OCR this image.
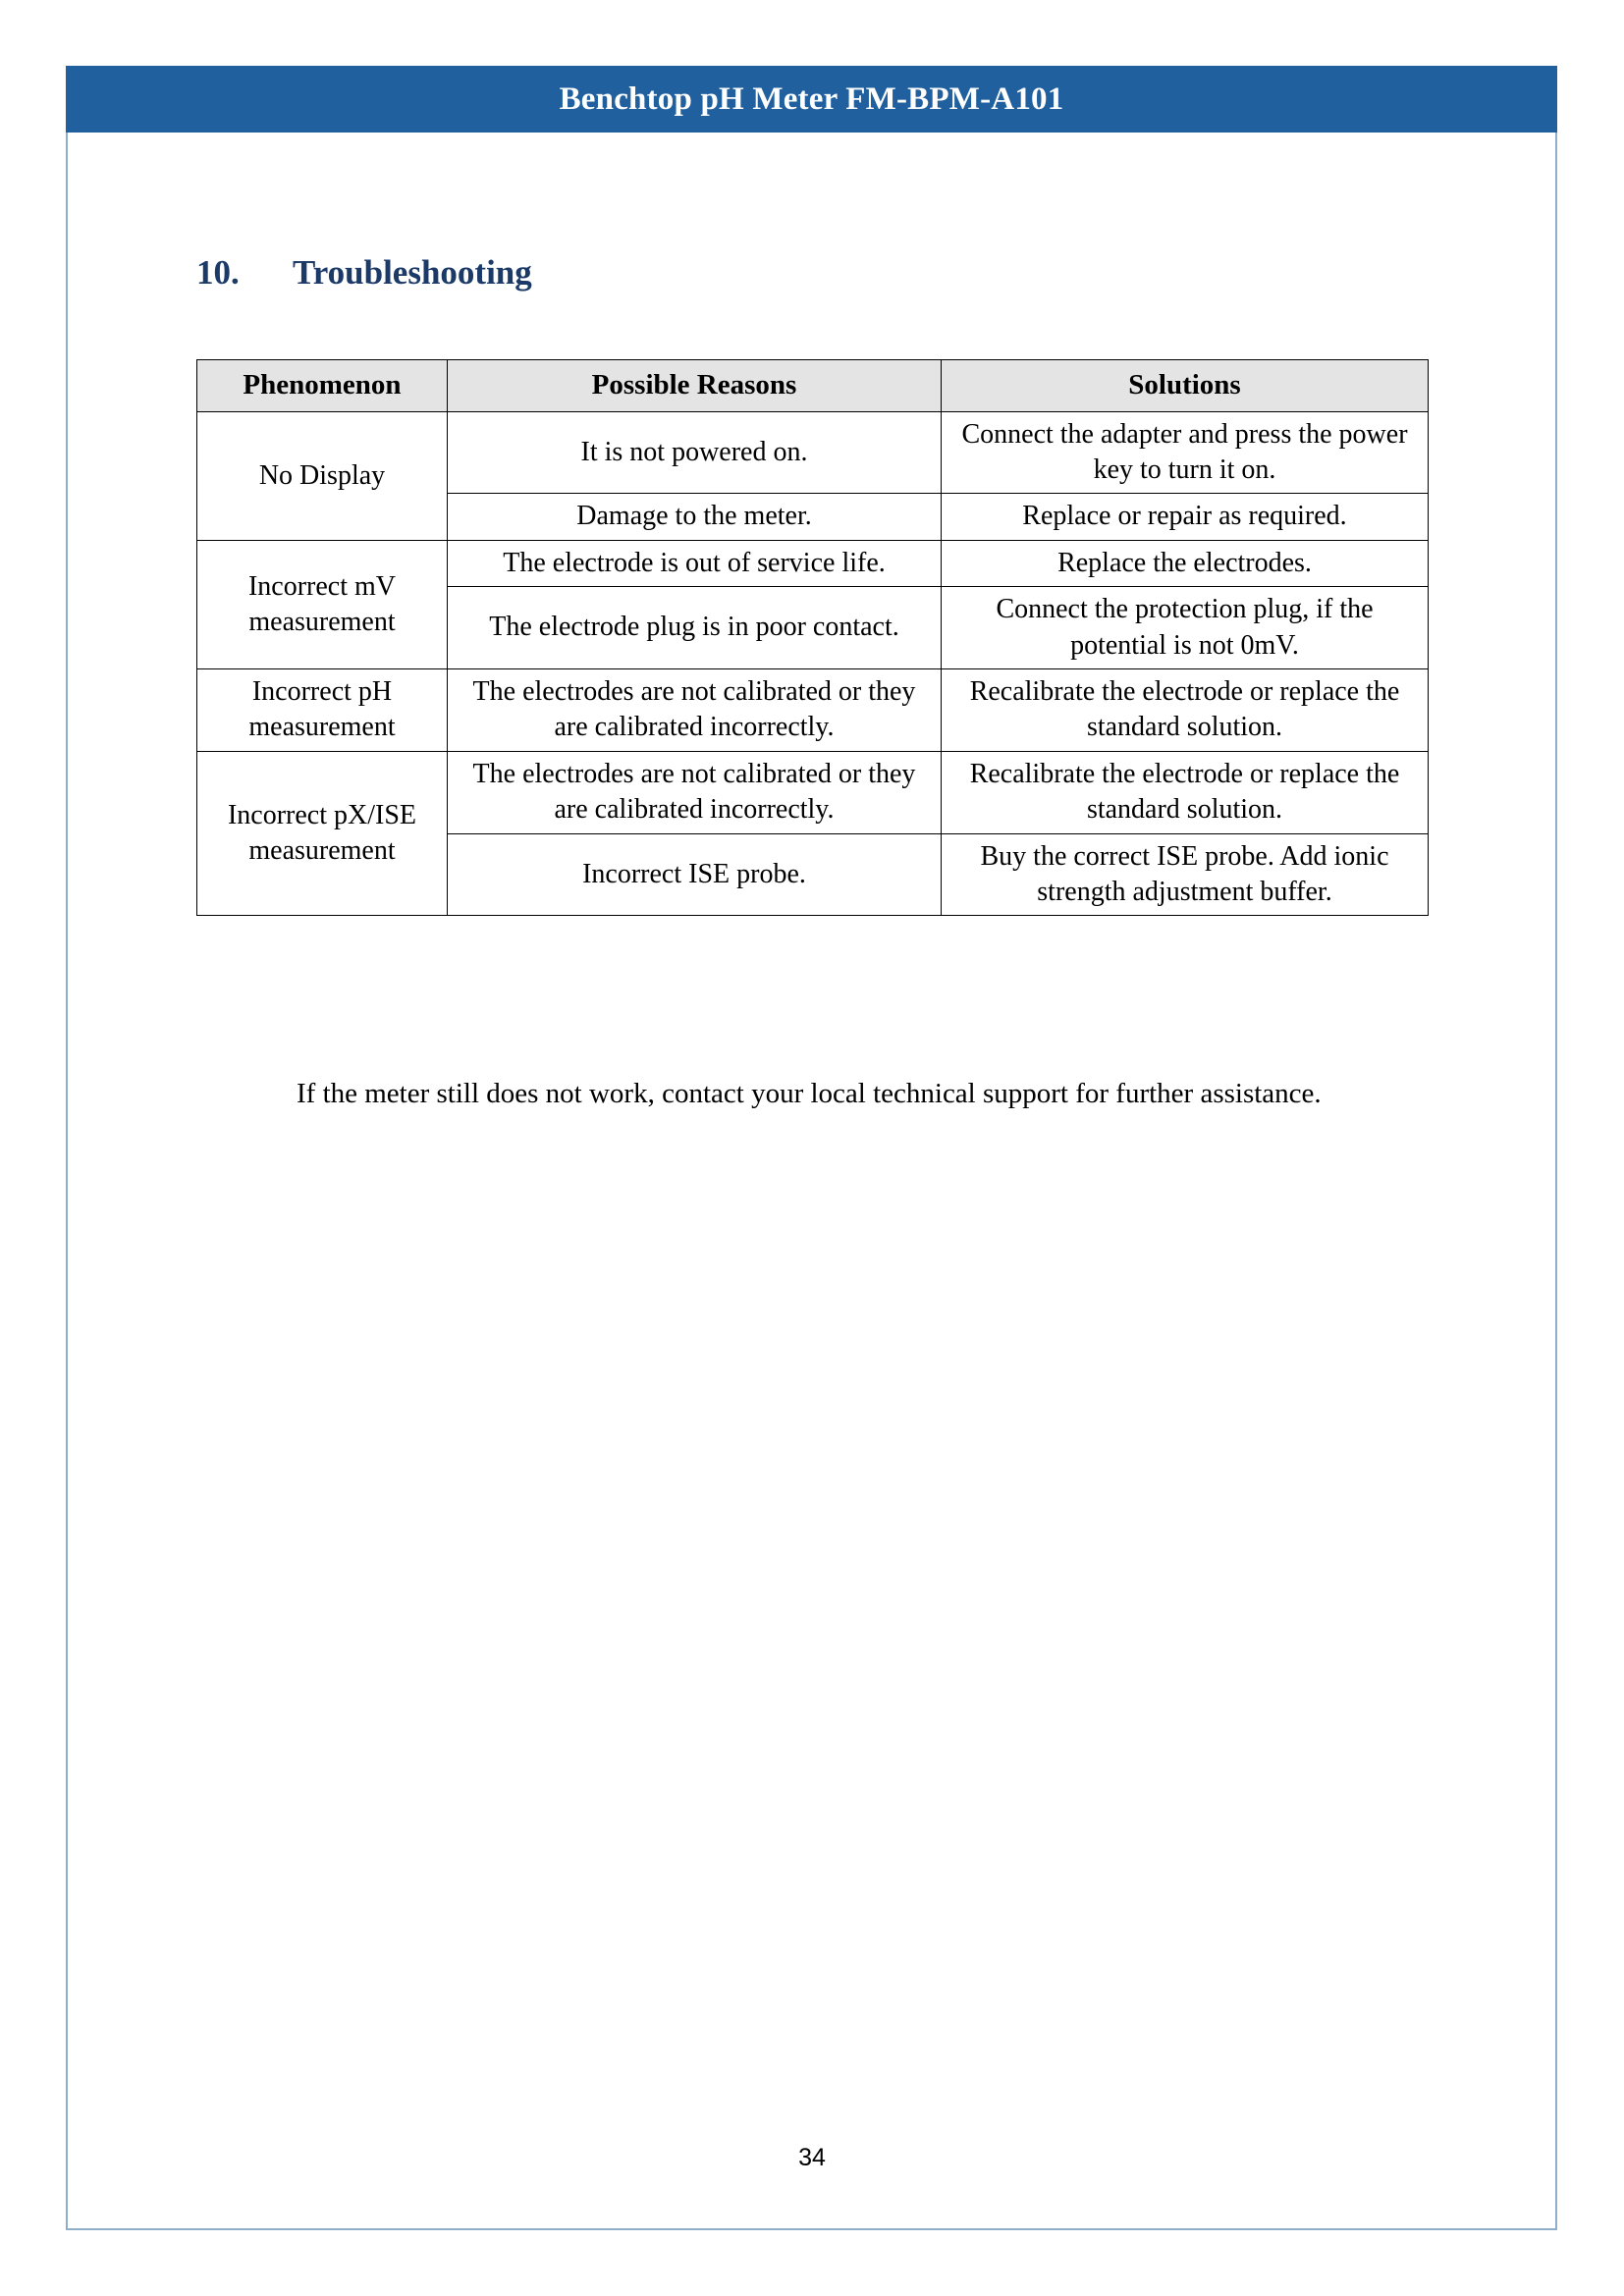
Benchtop pH Meter FM-BPM-A101
10. Troubleshooting
Phenomenon	Possible Reasons	Solutions
No Display	It is not powered on.	Connect the adapter and press the power key to turn it on.
	Damage to the meter.	Replace or repair as required.
Incorrect mV measurement	The electrode is out of service life.	Replace the electrodes.
	The electrode plug is in poor contact.	Connect the protection plug, if the potential is not 0mV.
Incorrect pH measurement	The electrodes are not calibrated or they are calibrated incorrectly.	Recalibrate the electrode or replace the standard solution.
Incorrect pX/ISE measurement	The electrodes are not calibrated or they are calibrated incorrectly.	Recalibrate the electrode or replace the standard solution.
	Incorrect ISE probe.	Buy the correct ISE probe. Add ionic strength adjustment buffer.
If the meter still does not work, contact your local technical support for further assistance.
34
